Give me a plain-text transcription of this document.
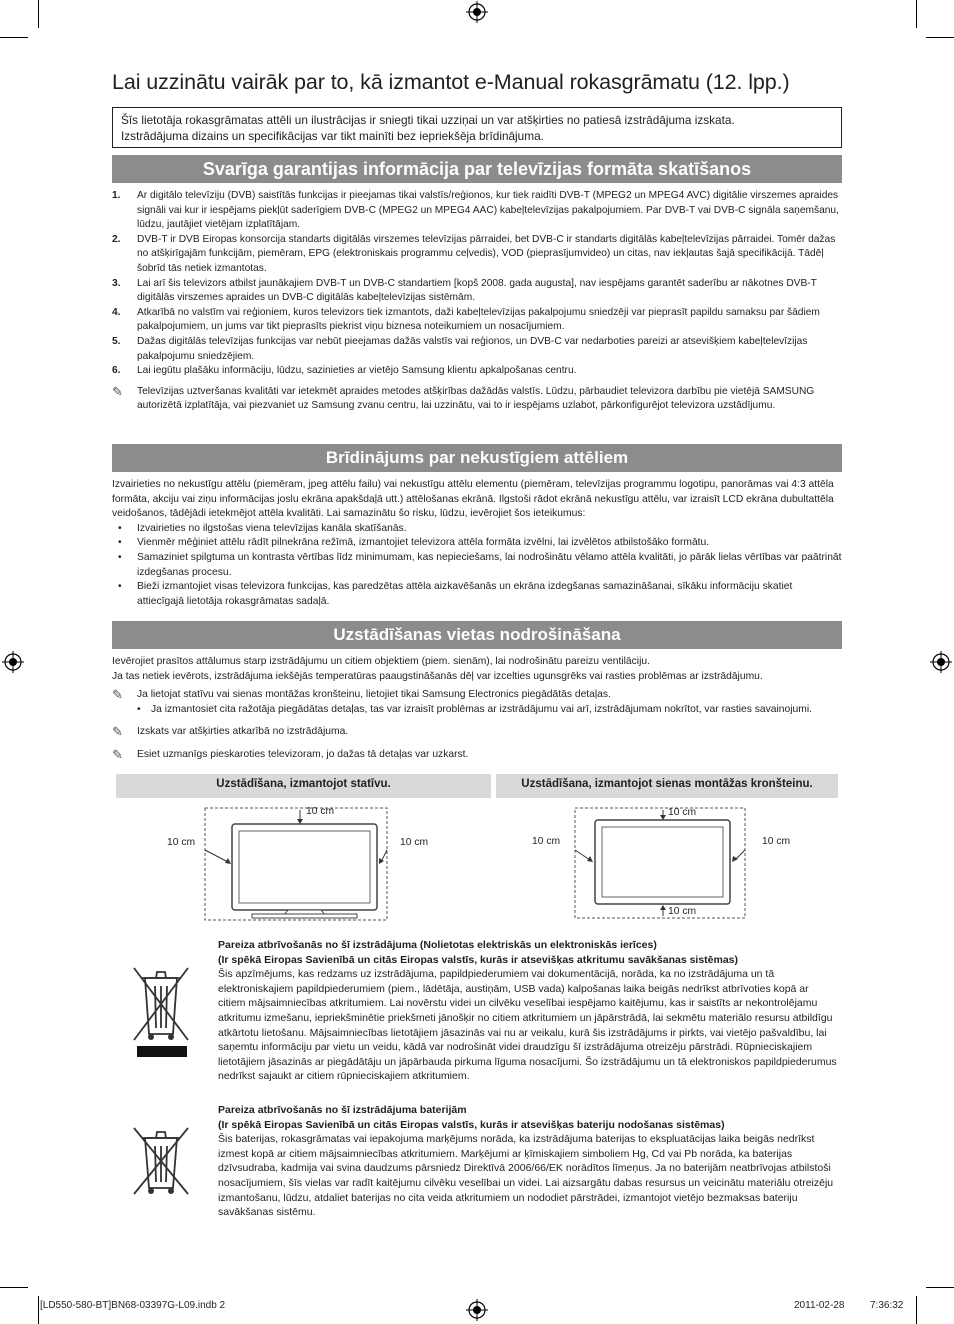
Lai uzzinātu vairāk par to, kā izmantot e-Manual rokasgrāmatu (12. lpp.)
Šīs lietotāja rokasgrāmatas attēli un ilustrācijas ir sniegti tikai uzziņai un var atšķirties no patiesā izstrādājuma izskata.
Izstrādājuma dizains un specifikācijas var tikt mainīti bez iepriekšēja brīdinājuma.
Svarīga garantijas informācija par televīzijas formāta skatīšanos
1.	Ar digitālo televīziju (DVB) saistītās funkcijas ir pieejamas tikai valstīs/reģionos, kur tiek raidīti DVB-T (MPEG2 un MPEG4 AVC) digitālie virszemes apraides signāli vai kur ir iespējams piekļūt saderīgiem DVB-C (MPEG2 un MPEG4 AAC) kabeļtelevīzijas pakalpojumiem. Par DVB-T vai DVB-C signāla saņemšanu, lūdzu, jautājiet vietējam izplatītājam.
2.	DVB-T ir DVB Eiropas konsorcija standarts digitālās virszemes televīzijas pārraidei, bet DVB-C ir standarts digitālās kabeļtelevīzijas pārraidei. Tomēr dažas no atšķirīgajām funkcijām, piemēram, EPG (elektroniskais programmu ceļvedis), VOD (pieprasījumvideo) un citas, nav iekļautas šajā specifikācijā. Tādēļ šobrīd tās netiek izmantotas.
3.	Lai arī šis televizors atbilst jaunākajiem DVB-T un DVB-C standartiem [kopš 2008. gada augusta], nav iespējams garantēt saderību ar nākotnes DVB-T digitālās virszemes apraides un DVB-C digitālās kabeļtelevīzijas sistēmām.
4.	Atkarībā no valstīm vai reģioniem, kuros televizors tiek izmantots, daži kabeļtelevīzijas pakalpojumu sniedzēji var pieprasīt papildu samaksu par šādiem pakalpojumiem, un jums var tikt pieprasīts piekrist viņu biznesa noteikumiem un nosacījumiem.
5.	Dažas digitālās televīzijas funkcijas var nebūt pieejamas dažās valstīs vai reģionos, un DVB-C var nedarboties pareizi ar atsevišķiem kabeļtelevīzijas pakalpojumu sniedzējiem.
6.	Lai iegūtu plašāku informāciju, lūdzu, sazinieties ar vietējo Samsung klientu apkalpošanas centru.
✎	Televīzijas uztveršanas kvalitāti var ietekmēt apraides metodes atšķirības dažādās valstīs. Lūdzu, pārbaudiet televizora darbību pie vietējā SAMSUNG autorizētā izplatītāja, vai piezvaniet uz Samsung zvanu centru, lai uzzinātu, vai to ir iespējams uzlabot, pārkonfigurējot televizora uzstādījumu.
Brīdinājums par nekustīgiem attēliem
Izvairieties no nekustīgu attēlu (piemēram, jpeg attēlu failu) vai nekustīgu attēlu elementu (piemēram, televīzijas programmu logotipu, panorāmas vai 4:3 attēla formāta, akciju vai ziņu informācijas joslu ekrāna apakšdaļā utt.) attēlošanas ekrānā. Ilgstoši rādot ekrānā nekustīgu attēlu, var izraisīt LCD ekrāna dubultattēla veidošanos, tādējādi ietekmējot attēla kvalitāti. Lai samazinātu šo risku, lūdzu, ievērojiet šos ieteikumus:
•	Izvairieties no ilgstošas viena televīzijas kanāla skatīšanās.
•	Vienmēr mēģiniet attēlu rādīt pilnekrāna režīmā, izmantojiet televizora attēla formāta izvēlni, lai izvēlētos atbilstošāko formātu.
•	Samaziniet spilgtuma un kontrasta vērtības līdz minimumam, kas nepieciešams, lai nodrošinātu vēlamo attēla kvalitāti, jo pārāk lielas vērtības var paātrināt izdegšanas procesu.
•	Bieži izmantojiet visas televizora funkcijas, kas paredzētas attēla aizkavēšanās un ekrāna izdegšanas samazināšanai, sīkāku informāciju skatiet attiecīgajā lietotāja rokasgrāmatas sadaļā.
Uzstādīšanas vietas nodrošināšana
Ievērojiet prasītos attālumus starp izstrādājumu un citiem objektiem (piem. sienām), lai nodrošinātu pareizu ventilāciju.
Ja tas netiek ievērots, izstrādājuma iekšējās temperatūras paaugstināšanās dēļ var izcelties ugunsgrēks vai rasties problēmas ar izstrādājumu.
✎	Ja lietojat statīvu vai sienas montāžas kronšteinu, lietojiet tikai Samsung Electronics piegādātās detaļas.
•	Ja izmantosiet cita ražotāja piegādātas detaļas, tas var izraisīt problēmas ar izstrādājumu vai arī, izstrādājumam nokrītot, var rasties savainojumi.
✎	Izskats var atšķirties atkarībā no izstrādājuma.
✎	Esiet uzmanīgs pieskaroties televizoram, jo dažas tā detaļas var uzkarst.
Uzstādīšana, izmantojot statīvu.	Uzstādīšana, izmantojot sienas montāžas kronšteinu.
10 cm
10 cm	10 cm
10 cm
10 cm	10 cm
10 cm
Pareiza atbrīvošanās no šī izstrādājuma (Nolietotas elektriskās un elektroniskās ierīces)
(Ir spēkā Eiropas Savienībā un citās Eiropas valstīs, kurās ir atsevišķas atkritumu savākšanas sistēmas)
Šis apzīmējums, kas redzams uz izstrādājuma, papildpiederumiem vai dokumentācijā, norāda, ka no izstrādājuma un tā elektroniskajiem papildpiederumiem (piem., lādētāja, austiņām, USB vada) kalpošanas laika beigās nedrīkst atbrīvoties kopā ar citiem mājsaimniecības atkritumiem. Lai novērstu videi un cilvēku veselībai iespējamo kaitējumu, kas ir saistīts ar nekontrolējamu atkritumu izmešanu, iepriekšminētie priekšmeti jānošķir no citiem atkritumiem un jāpārstrādā, lai sekmētu materiālo resursu atbildīgu atkārtotu lietošanu. Mājsaimniecības lietotājiem jāsazinās vai nu ar veikalu, kurā šis izstrādājums ir pirkts, vai vietējo pašvaldību, lai saņemtu informāciju par vietu un veidu, kādā var nodrošināt videi draudzīgu šī izstrādājuma otreizēju pārstrādi. Rūpnieciskajiem lietotājiem jāsazinās ar piegādātāju un jāpārbauda pirkuma līguma nosacījumi. Šo izstrādājumu un tā elektroniskos papildpiederumus nedrīkst sajaukt ar citiem rūpnieciskajiem atkritumiem.
Pareiza atbrīvošanās no šī izstrādājuma baterijām
(Ir spēkā Eiropas Savienībā un citās Eiropas valstīs, kurās ir atsevišķas bateriju nodošanas sistēmas)
Šis baterijas, rokasgrāmatas vai iepakojuma marķējums norāda, ka izstrādājuma baterijas to ekspluatācijas laika beigās nedrīkst izmest kopā ar citiem mājsaimniecības atkritumiem. Marķējumi ar ķīmiskajiem simboliem Hg, Cd vai Pb norāda, ka baterijas dzīvsudraba, kadmija vai svina daudzums pārsniedz Direktīvā 2006/66/EK norādītos līmeņus. Ja no baterijām neatbrīvojas atbilstoši nosacījumiem, šīs vielas var radīt kaitējumu cilvēku veselībai un videi. Lai aizsargātu dabas resursus un veicinātu materiālu otreizēju izmantošanu, lūdzu, atdaliet baterijas no cita veida atkritumiem un nododiet pārstrādei, izmantojot vietējo bezmaksas bateriju savākšanas sistēmu.
[LD550-580-BT]BN68-03397G-L09.indb 2	2011-02-28	7:36:32
